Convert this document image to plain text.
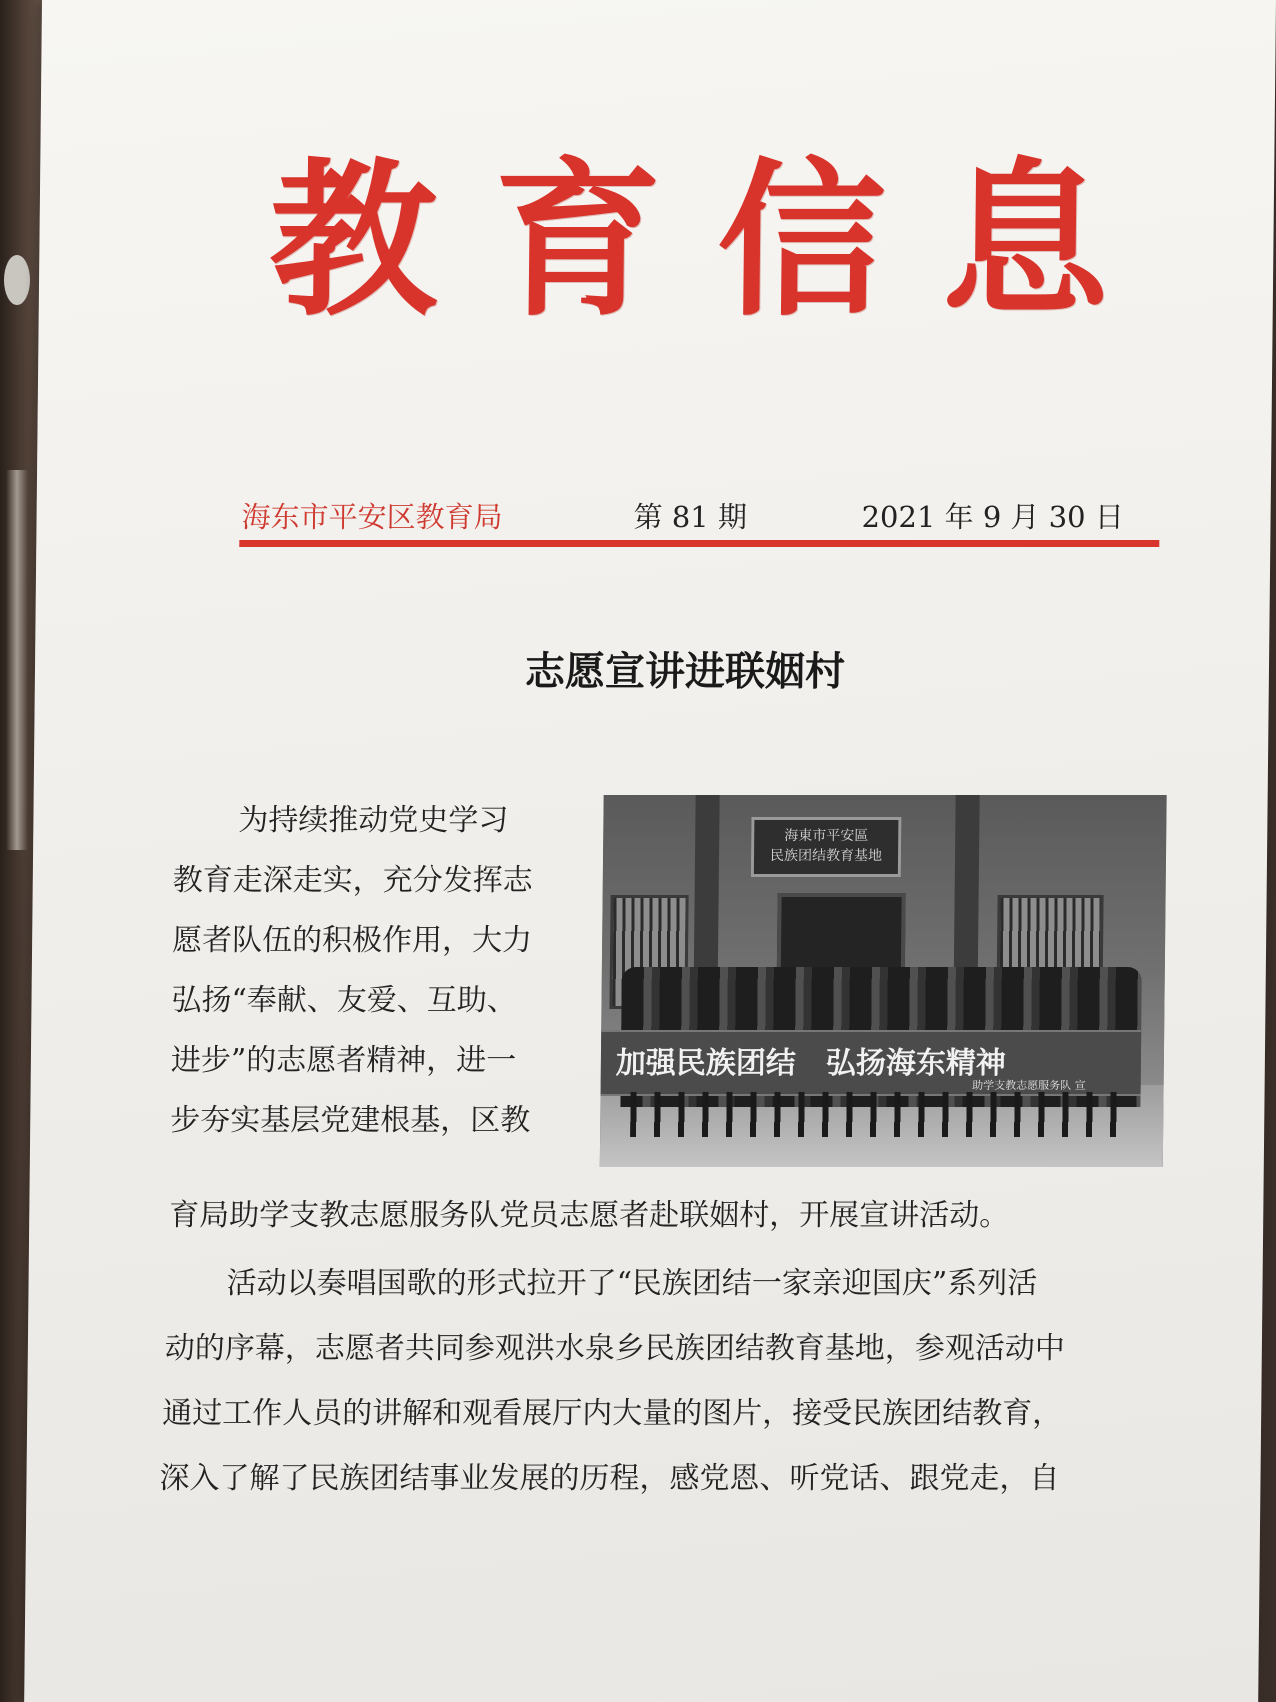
教 育 信 息
海东市平安区教育局	第 81 期	2021 年 9 月 30 日
志愿宣讲进联姻村
为持续推动党史学习
教育走深走实，充分发挥志
愿者队伍的积极作用，大力
弘扬“奉献、友爱、互助、
进步”的志愿者精神，进一
步夯实基层党建根基，区教
海東市平安區
民族团结教育基地
加强民族团结　弘扬海东精神
助学支教志愿服务队 宣
育局助学支教志愿服务队党员志愿者赴联姻村，开展宣讲活动。
活动以奏唱国歌的形式拉开了“民族团结一家亲迎国庆”系列活
动的序幕，志愿者共同参观洪水泉乡民族团结教育基地，参观活动中
通过工作人员的讲解和观看展厅内大量的图片，接受民族团结教育，
深入了解了民族团结事业发展的历程，感党恩、听党话、跟党走，自
